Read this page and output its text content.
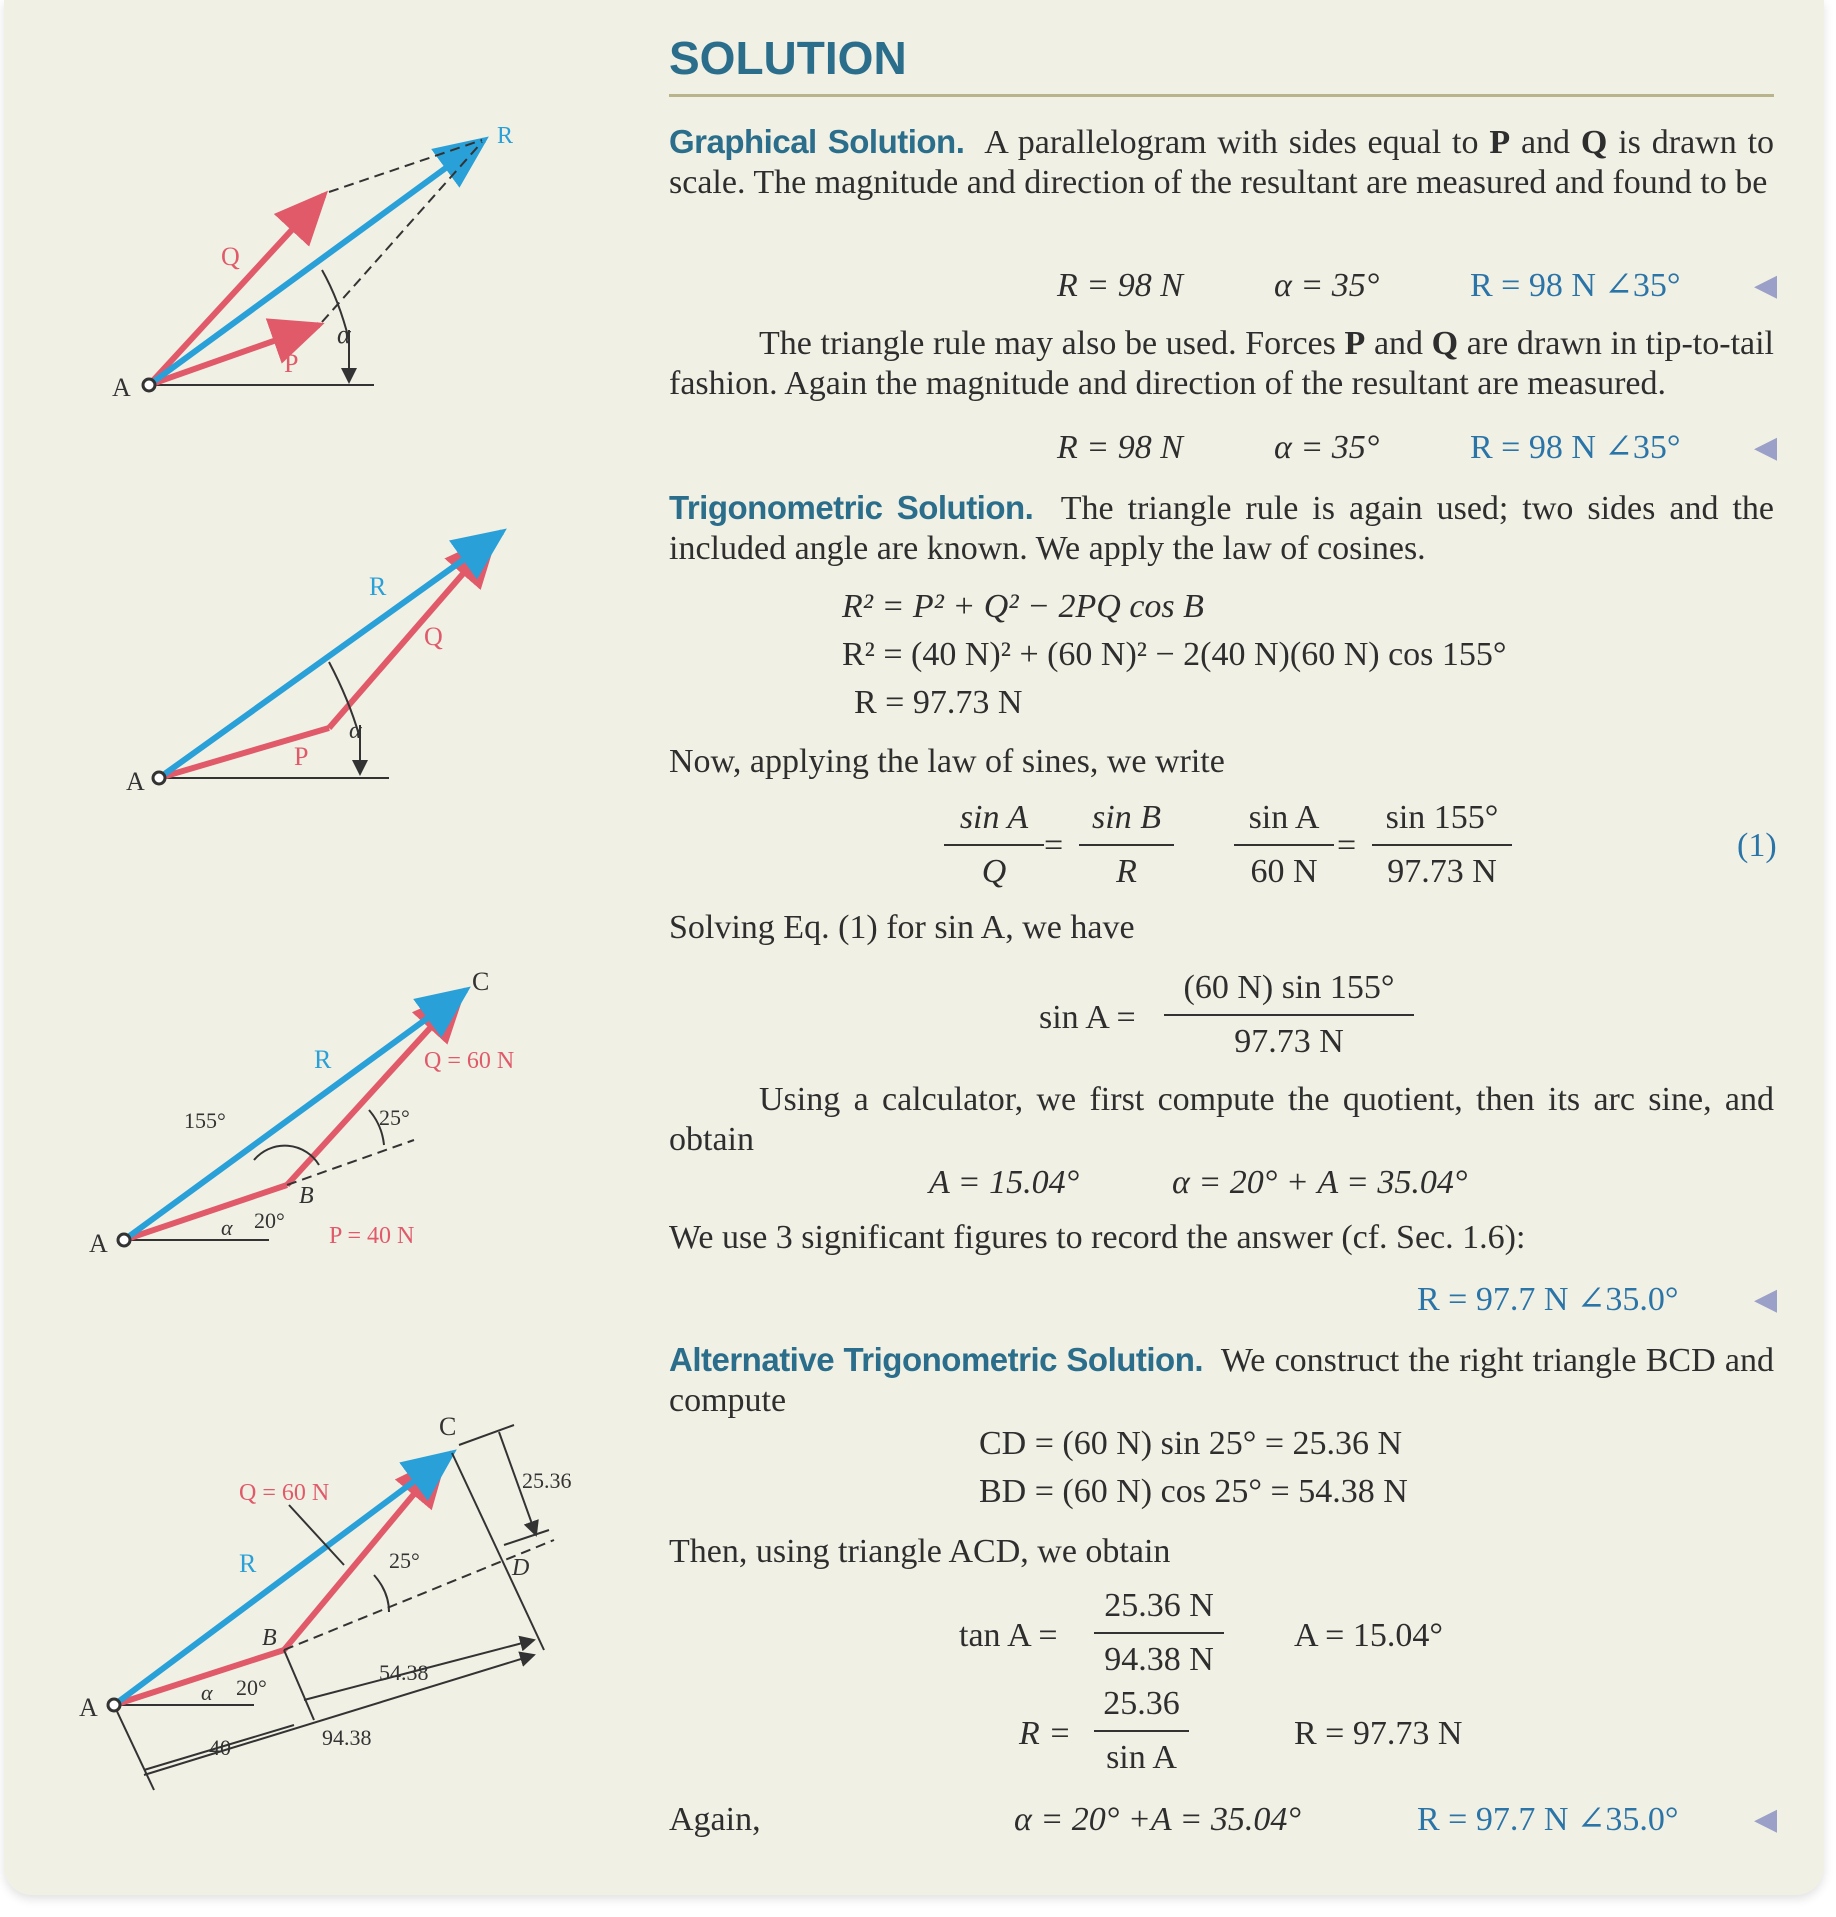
A
Q
P
R
α
A
P
Q
R
α
A
B
C
R	Q = 60 N
P = 40 N
155°	25°
α 20°
A
B
C
D
Q = 60 N
R	25°
α 20°
25.36
54.38
40	94.38
SOLUTION
Graphical Solution. A parallelogram with sides equal to P and Q is drawn to scale. The magnitude and direction of the resultant are measured and found to be
R = 98 N	α = 35°	R = 98 N ∠35° ◀
The triangle rule may also be used. Forces P and Q are drawn in tip-to-tail fashion. Again the magnitude and direction of the resultant are measured.
R = 98 N	α = 35°	R = 98 N ∠35° ◀
Trigonometric Solution. The triangle rule is again used; two sides and the included angle are known. We apply the law of cosines.
R² = P² + Q² − 2PQ cos B
R² = (40 N)² + (60 N)² − 2(40 N)(60 N) cos 155°
R = 97.73 N
Now, applying the law of sines, we write
$\frac{\text{sin A}}{Q} = \frac{\text{sin B}}{R} \frac{\text{sin A}}{60 N} = \frac{\sin 155^\circ}{97.73 N}$	(1)
Solving Eq. (1) for sin A, we have
$\sin A = \frac{(60 N) \sin 155^\circ}{97.73 N}$
Using a calculator, we first compute the quotient, then its arc sine, and obtain
A = 15.04°	α = 20° + A = 35.04°
We use 3 significant figures to record the answer (cf. Sec. 1.6):
R = 97.7 N ∠35.0°	◀
Alternative Trigonometric Solution. We construct the right triangle BCD and compute
CD = (60 N) sin 25° = 25.36 N
BD = (60 N) cos 25° = 54.38 N
Then, using triangle ACD, we obtain
$\tan A = \frac{25.36 N}{94.38 N}$ A = 15.04°
$R = \frac{25.36}{\text{sin A}}$	R = 97.73 N
Again,	α = 20° +A = 35.04°	R = 97.7 N ∠35.0°	◀
